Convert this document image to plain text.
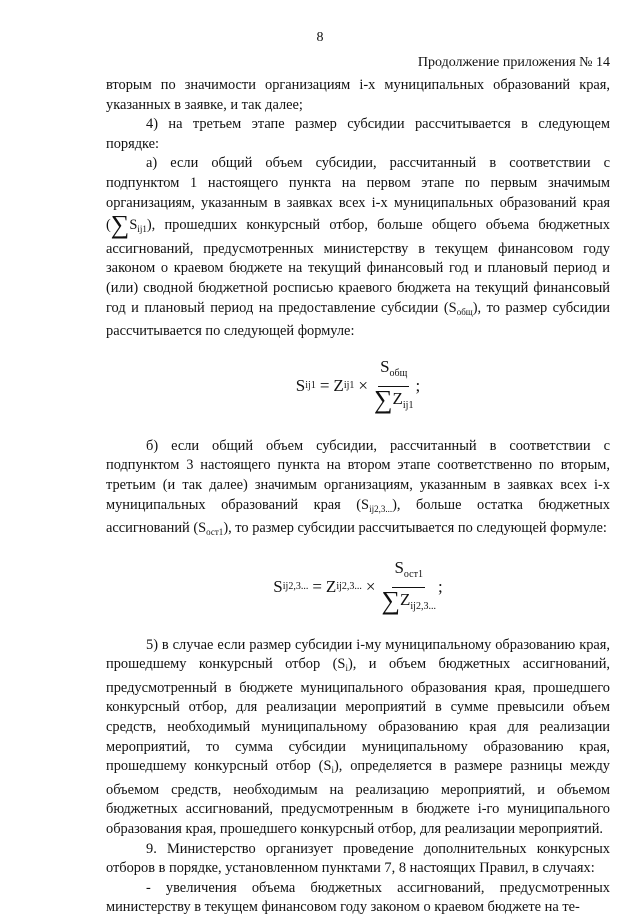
8
Продолжение приложения № 14

вторым по значимости организациям i-х муниципальных образований края, указанных в заявке, и так далее;

4) на третьем этапе размер субсидии рассчитывается в следующем порядке:

а) если общий объем субсидии, рассчитанный в соответствии с подпунктом 1 настоящего пункта на первом этапе по первым значимым организациям, указанным в заявках всех i-х муниципальных образований края $(\sum S_{ij1})$, прошедших конкурсный отбор, больше общего объема бюджетных ассигнований, предусмотренных министерству в текущем финансовом году законом о краевом бюджете на текущий финансовый год и плановый период и (или) сводной бюджетной росписью краевого бюджета на текущий финансовый год и плановый период на предоставление субсидии $(S_{общ})$, то размер субсидии рассчитывается по следующей формуле:

S ij1 = Z $ij1 \times \frac{S_{общ}}{\sum Z_{ij1}}$ ;

б) если общий объем субсидии, рассчитанный в соответствии с подпунктом 3 настоящего пункта на втором этапе соответственно по вторым, третьим (и так далее) значимым организациям, указанным в заявках всех i-х муниципальных образований края $(S_{ij2,3...})$, больше остатка бюджетных ассигнований $(S_{ост1})$, то размер субсидии рассчитывается по следующей формуле:

S ij2,3... = Z ij2,3... × $\frac{S_{ост1}}{\sum Z_{ij2,3...}}$ ;

5) в случае если размер субсидии i-му муниципальному образованию края, прошедшему конкурсный отбор $(S_i)$, и объем бюджетных ассигнований, предусмотренный в бюджете муниципального образования края, прошедшего конкурсный отбор, для реализации мероприятий в сумме превысили объем средств, необходимый муниципальному образованию края для реализации мероприятий, то сумма субсидии муниципальному образованию края, прошедшему конкурсный отбор $(S_i)$, определяется в размере разницы между объемом средств, необходимым на реализацию мероприятий, и объемом бюджетных ассигнований, предусмотренным в бюджете i-го муниципального образования края, прошедшего конкурсный отбор, для реализации мероприятий.

9. Министерство организует проведение дополнительных конкурсных отборов в порядке, установленном пунктами 7, 8 настоящих Правил, в случаях:

- увеличения объема бюджетных ассигнований, предусмотренных министерству в текущем финансовом году законом о краевом бюджете на те-
